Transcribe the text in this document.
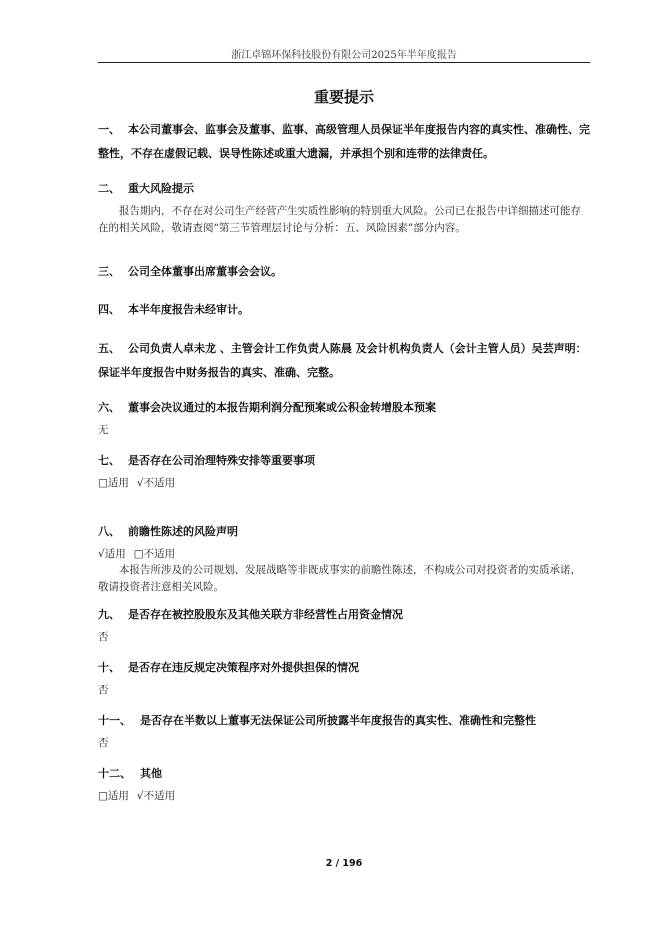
浙江卓锦环保科技股份有限公司2025年半年度报告
重要提示
一、 本公司董事会、监事会及董事、监事、高级管理人员保证半年度报告内容的真实性、准确性、完整性，不存在虚假记载、误导性陈述或重大遗漏，并承担个别和连带的法律责任。
二、 重大风险提示
报告期内，不存在对公司生产经营产生实质性影响的特别重大风险。公司已在报告中详细描述可能存在的相关风险，敬请查阅“第三节管理层讨论与分析：五、风险因素”部分内容。
三、 公司全体董事出席董事会会议。
四、 本半年度报告未经审计。
五、 公司负责人卓未龙 、主管会计工作负责人陈晨 及会计机构负责人（会计主管人员）吴芸声明：保证半年度报告中财务报告的真实、准确、完整。
六、 董事会决议通过的本报告期利润分配预案或公积金转增股本预案
无
七、 是否存在公司治理特殊安排等重要事项
□适用 √不适用
八、 前瞻性陈述的风险声明
√适用 □不适用
本报告所涉及的公司规划、发展战略等非既成事实的前瞻性陈述，不构成公司对投资者的实质承诺，敬请投资者注意相关风险。
九、 是否存在被控股股东及其他关联方非经营性占用资金情况
否
十、 是否存在违反规定决策程序对外提供担保的情况
否
十一、 是否存在半数以上董事无法保证公司所披露半年度报告的真实性、准确性和完整性
否
十二、 其他
□适用 √不适用
2 / 196
